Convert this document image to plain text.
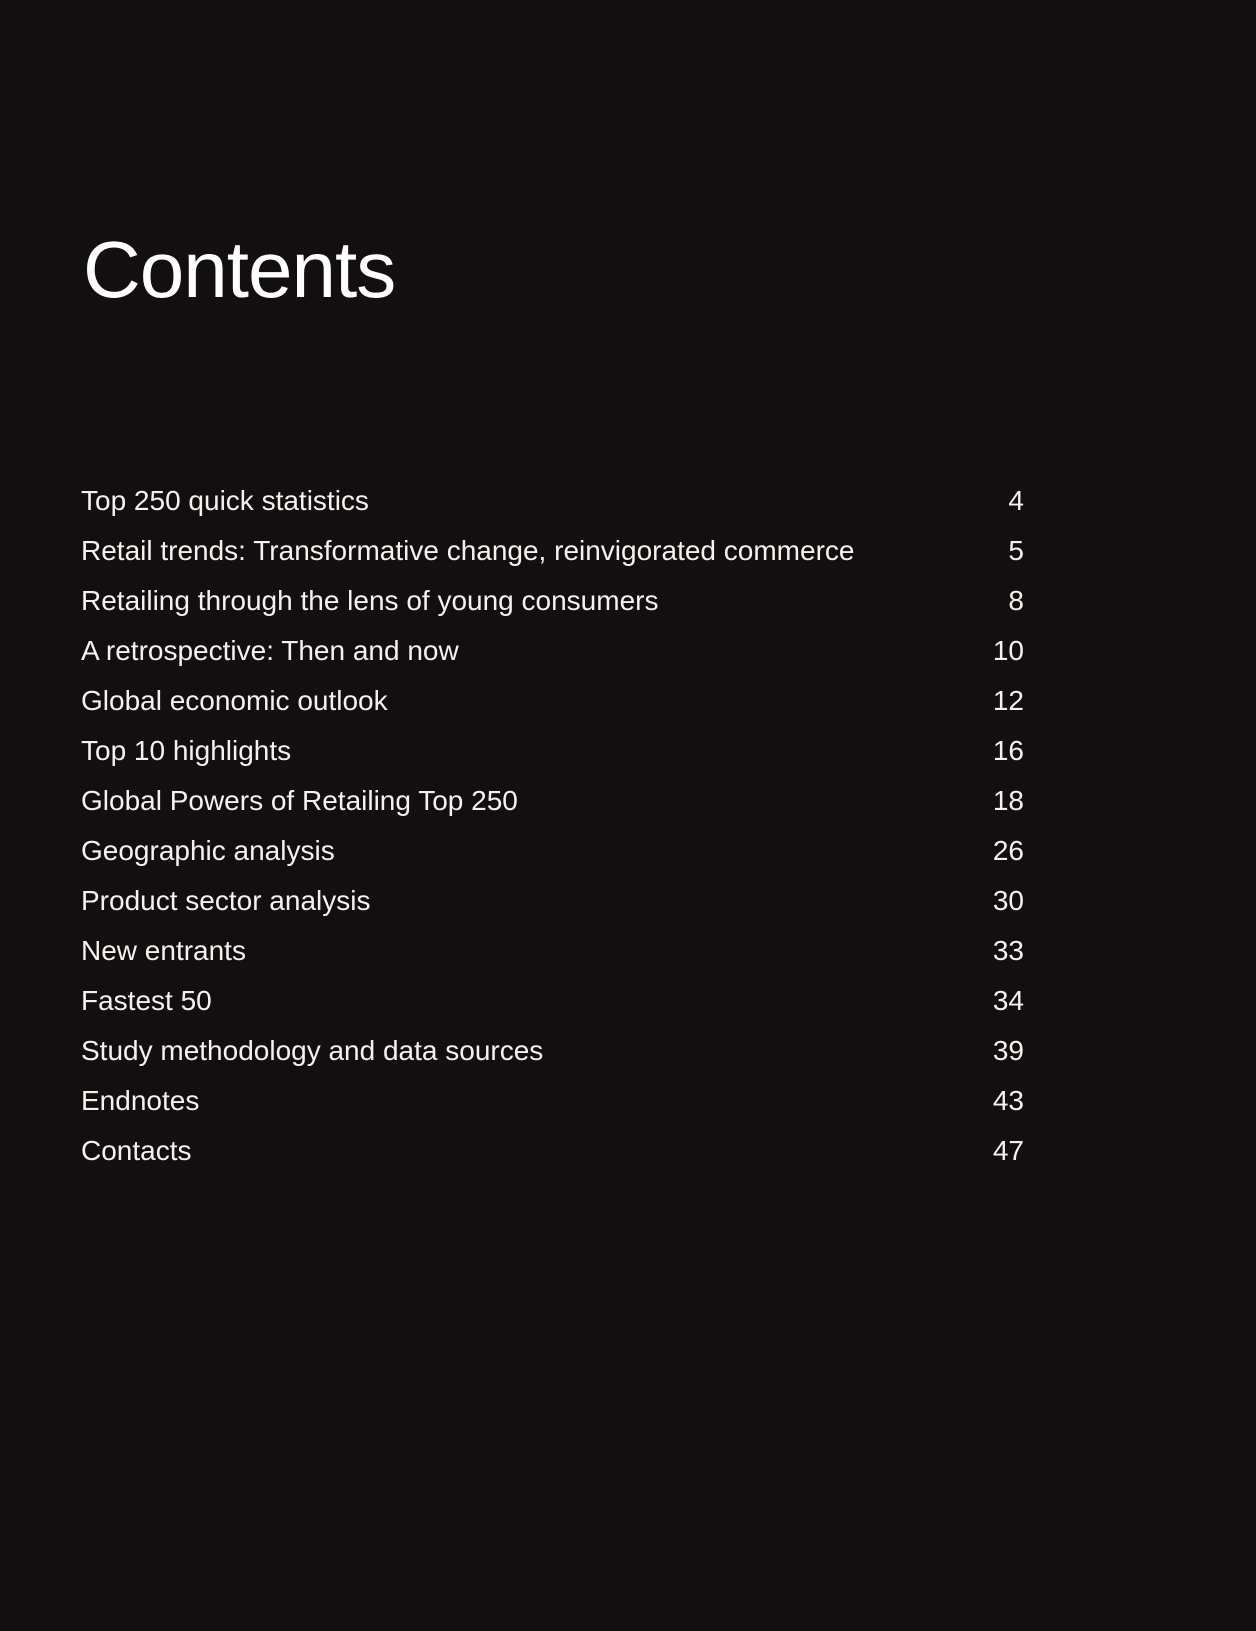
Contents
Top 250 quick statistics	4
Retail trends: Transformative change, reinvigorated commerce	5
Retailing through the lens of young consumers	8
A retrospective: Then and now	10
Global economic outlook	12
Top 10 highlights	16
Global Powers of Retailing Top 250	18
Geographic analysis	26
Product sector analysis	30
New entrants	33
Fastest 50	34
Study methodology and data sources	39
Endnotes	43
Contacts	47
